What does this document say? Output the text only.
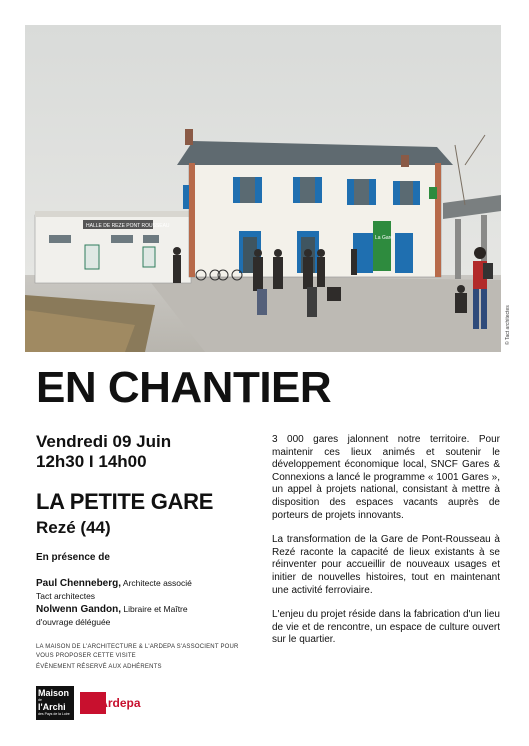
HALLE DE REZE PONT ROUSSEAU
La Gare
© Tact architectes
EN CHANTIER

Vendredi 09 Juin

12h30 I 14h00

LA PETITE GARE

Rezé (44)

En présence de

Paul Chenneberg, Architecte associé
Tact architectes

Nolwenn Gandon, Libraire et Maître
d'ouvrage déléguée

LA MAISON DE L'ARCHITECTURE & L'ARDEPA S'ASSOCIENT POUR VOUS PROPOSER CETTE VISITE

ÉVÈNEMENT RÉSERVÉ AUX ADHÉRENTS

Maison
de
l'Archi
des Pays de la Loire
l'Ardepa

3 000 gares jalonnent notre territoire. Pour maintenir ces lieux animés et soutenir le développement économique local, SNCF Gares & Connexions a lancé le programme « 1001 Gares », un appel à projets national, consistant à mettre à disposition des espaces vacants auprès de porteurs de projets innovants.

La transformation de la Gare de Pont-Rousseau à Rezé raconte la capacité de lieux existants à se réinventer pour accueillir de nouveaux usages et initier de nouvelles histoires, tout en maintenant une activité ferroviaire.

L'enjeu du projet réside dans la fabrication d'un lieu de vie et de rencontre, un espace de culture ouvert sur le quartier.
